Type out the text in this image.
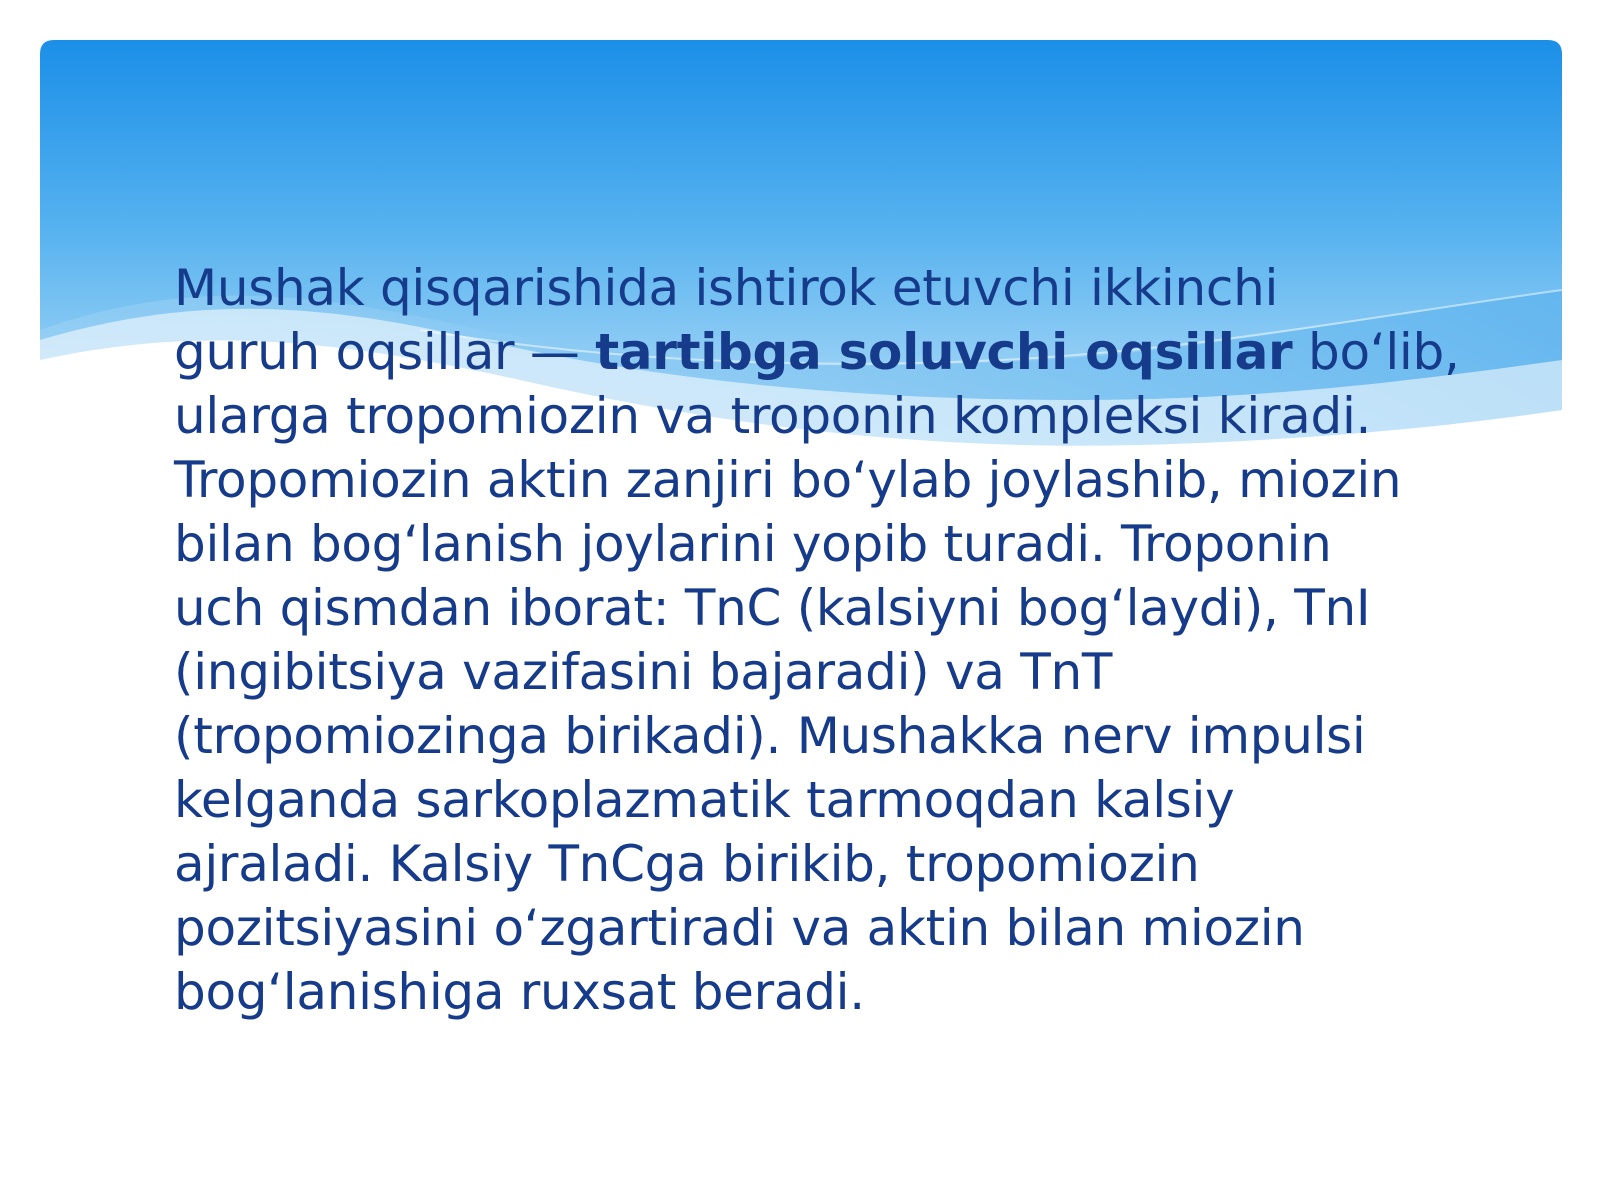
Mushak qisqarishida ishtirok etuvchi ikkinchi
guruh oqsillar — tartibga soluvchi oqsillar bo‘lib,
ularga tropomiozin va troponin kompleksi kiradi.
Tropomiozin aktin zanjiri bo‘ylab joylashib, miozin
bilan bog‘lanish joylarini yopib turadi. Troponin
uch qismdan iborat: TnC (kalsiyni bog‘laydi), TnI
(ingibitsiya vazifasini bajaradi) va TnT
(tropomiozinga birikadi). Mushakka nerv impulsi
kelganda sarkoplazmatik tarmoqdan kalsiy
ajraladi. Kalsiy TnCga birikib, tropomiozin
pozitsiyasini o‘zgartiradi va aktin bilan miozin
bog‘lanishiga ruxsat beradi.
